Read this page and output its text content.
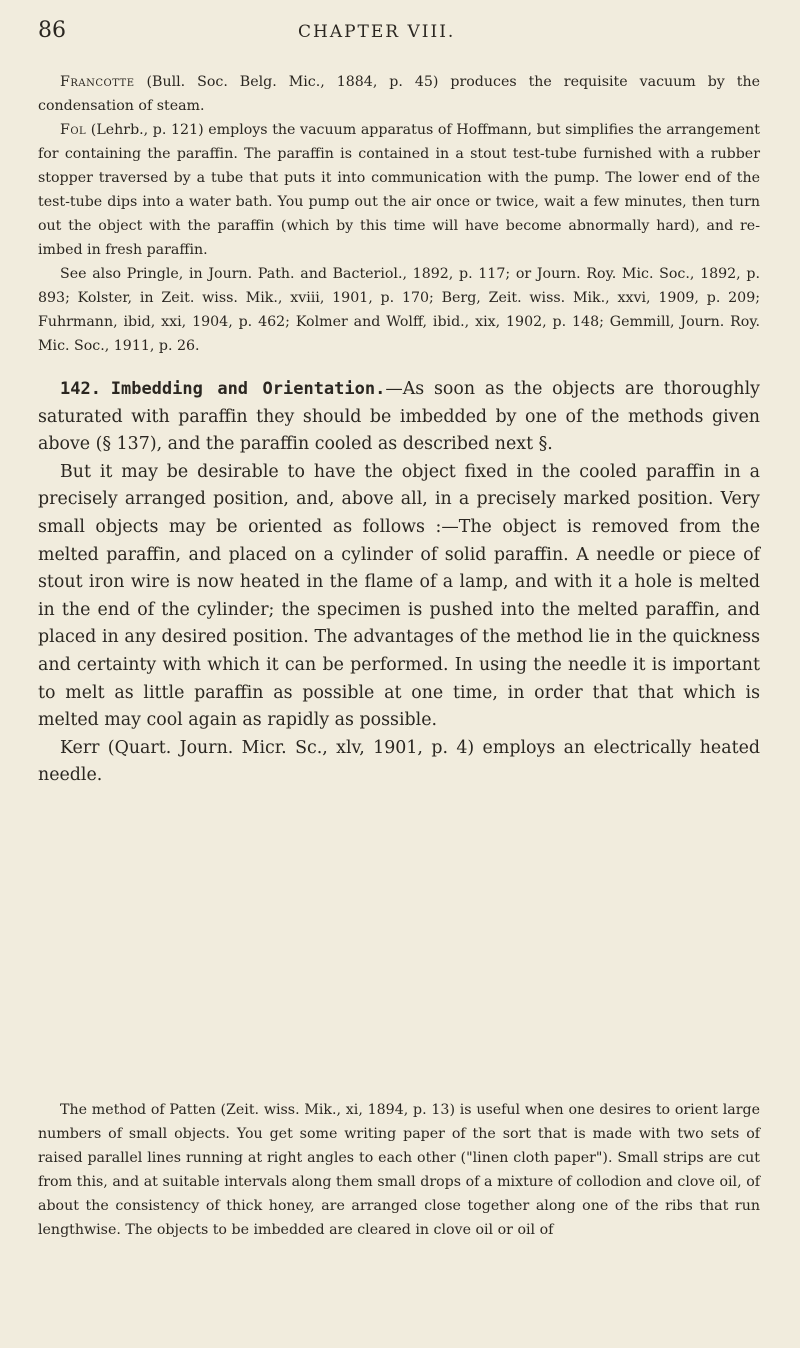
86	CHAPTER VIII.

Francotte (Bull. Soc. Belg. Mic., 1884, p. 45) produces the requisite vacuum by the condensation of steam.

Fol (Lehrb., p. 121) employs the vacuum apparatus of Hoffmann, but simplifies the arrangement for containing the paraffin. The paraffin is contained in a stout test-tube furnished with a rubber stopper traversed by a tube that puts it into communication with the pump. The lower end of the test-tube dips into a water bath. You pump out the air once or twice, wait a few minutes, then turn out the object with the paraffin (which by this time will have become abnormally hard), and re-imbed in fresh paraffin.

See also Pringle, in Journ. Path. and Bacteriol., 1892, p. 117; or Journ. Roy. Mic. Soc., 1892, p. 893; Kolster, in Zeit. wiss. Mik., xviii, 1901, p. 170; Berg, Zeit. wiss. Mik., xxvi, 1909, p. 209; Fuhrmann, ibid, xxi, 1904, p. 462; Kolmer and Wolff, ibid., xix, 1902, p. 148; Gemmill, Journ. Roy. Mic. Soc., 1911, p. 26.

142. Imbedding and Orientation.—As soon as the objects are thoroughly saturated with paraffin they should be imbedded by one of the methods given above (§ 137), and the paraffin cooled as described next §.

But it may be desirable to have the object fixed in the cooled paraffin in a precisely arranged position, and, above all, in a precisely marked position. Very small objects may be oriented as follows :—The object is removed from the melted paraffin, and placed on a cylinder of solid paraffin. A needle or piece of stout iron wire is now heated in the flame of a lamp, and with it a hole is melted in the end of the cylinder; the specimen is pushed into the melted paraffin, and placed in any desired position. The advantages of the method lie in the quickness and certainty with which it can be performed. In using the needle it is important to melt as little paraffin as possible at one time, in order that that which is melted may cool again as rapidly as possible.

Kerr (Quart. Journ. Micr. Sc., xlv, 1901, p. 4) employs an electrically heated needle.

The method of Patten (Zeit. wiss. Mik., xi, 1894, p. 13) is useful when one desires to orient large numbers of small objects. You get some writing paper of the sort that is made with two sets of raised parallel lines running at right angles to each other ("linen cloth paper"). Small strips are cut from this, and at suitable intervals along them small drops of a mixture of collodion and clove oil, of about the consistency of thick honey, are arranged close together along one of the ribs that run lengthwise. The objects to be imbedded are cleared in clove oil or oil of
